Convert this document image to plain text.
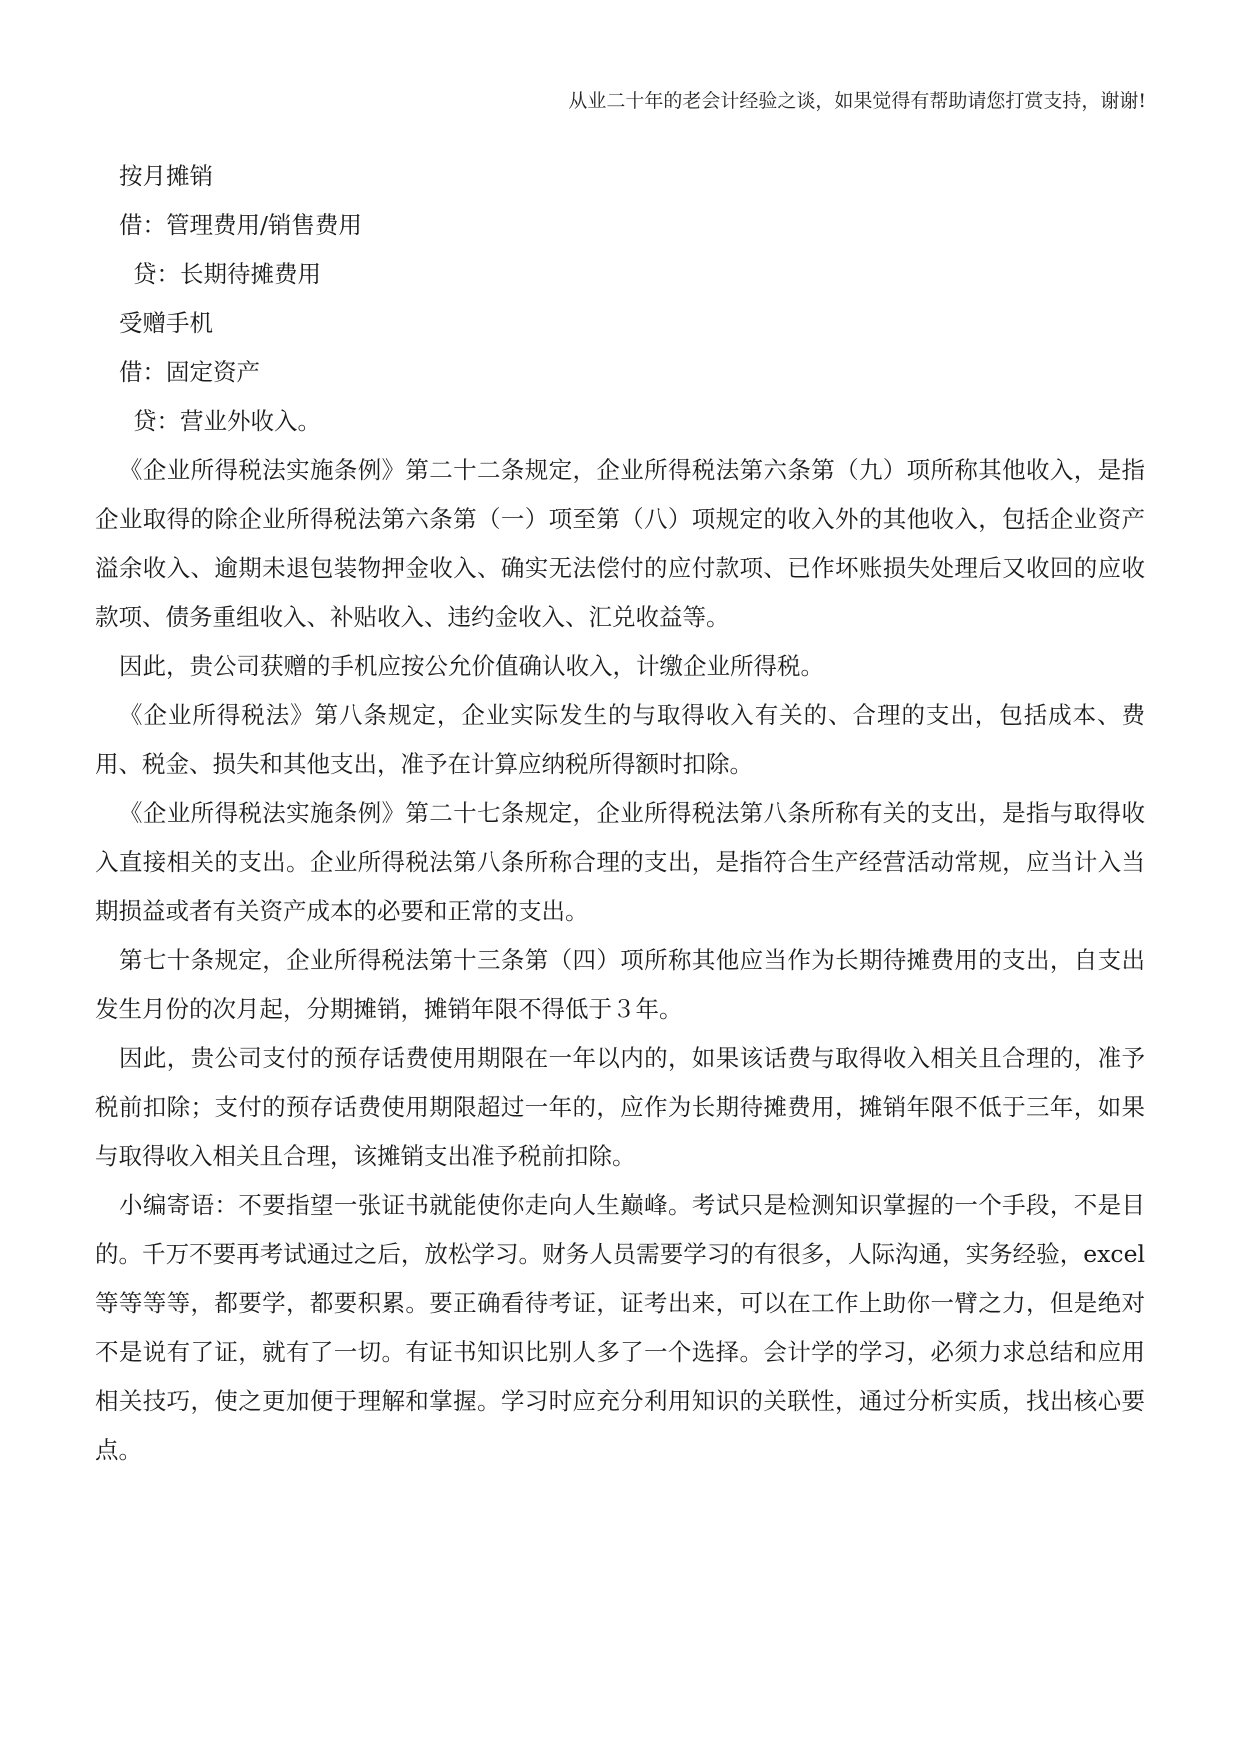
从业二十年的老会计经验之谈，如果觉得有帮助请您打赏支持，谢谢!

按月摊销

借：管理费用/销售费用

贷：长期待摊费用

受赠手机

借：固定资产

贷：营业外收入。

《企业所得税法实施条例》第二十二条规定，企业所得税法第六条第（九）项所称其他收入，是指企业取得的除企业所得税法第六条第（一）项至第（八）项规定的收入外的其他收入，包括企业资产溢余收入、逾期未退包装物押金收入、确实无法偿付的应付款项、已作坏账损失处理后又收回的应收款项、债务重组收入、补贴收入、违约金收入、汇兑收益等。

因此，贵公司获赠的手机应按公允价值确认收入，计缴企业所得税。

《企业所得税法》第八条规定，企业实际发生的与取得收入有关的、合理的支出，包括成本、费用、税金、损失和其他支出，准予在计算应纳税所得额时扣除。

《企业所得税法实施条例》第二十七条规定，企业所得税法第八条所称有关的支出，是指与取得收入直接相关的支出。企业所得税法第八条所称合理的支出，是指符合生产经营活动常规，应当计入当期损益或者有关资产成本的必要和正常的支出。

第七十条规定，企业所得税法第十三条第（四）项所称其他应当作为长期待摊费用的支出，自支出发生月份的次月起，分期摊销，摊销年限不得低于３年。

因此，贵公司支付的预存话费使用期限在一年以内的，如果该话费与取得收入相关且合理的，准予税前扣除；支付的预存话费使用期限超过一年的，应作为长期待摊费用，摊销年限不低于三年，如果与取得收入相关且合理，该摊销支出准予税前扣除。

小编寄语：不要指望一张证书就能使你走向人生巅峰。考试只是检测知识掌握的一个手段，不是目的。千万不要再考试通过之后，放松学习。财务人员需要学习的有很多，人际沟通，实务经验，excel 等等等等，都要学，都要积累。要正确看待考证，证考出来，可以在工作上助你一臂之力，但是绝对不是说有了证，就有了一切。有证书知识比别人多了一个选择。会计学的学习，必须力求总结和应用相关技巧，使之更加便于理解和掌握。学习时应充分利用知识的关联性，通过分析实质，找出核心要点。
